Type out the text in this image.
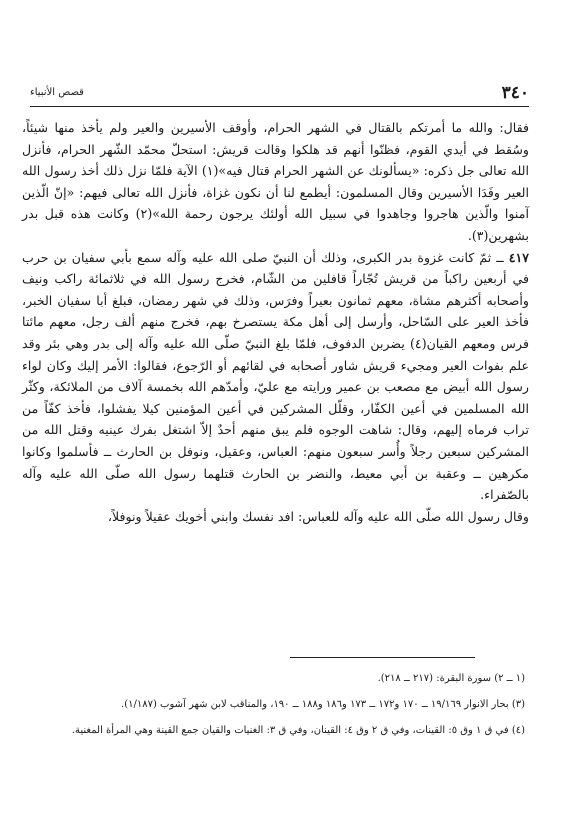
٣٤٠
قصص الأنبياء

فقال: والله ما أمرتكم بالقتال في الشهر الحرام، وأوقف الأسيرين والعير ولم يأخذ منها شيئاً، وسُقط في أيدي القوم، فظنّوا أنهم قد هلكوا وقالت قريش: استحلّ محمّد الشّهر الحرام، فأنزل الله تعالى جل ذكره: «يسألونك عن الشهر الحرام قتال فيه»(١) الآية فلمّا نزل ذلك أخذ رسول الله العير وفَدَا الأسيرين وقال المسلمون: أيطمع لنا أن نكون غزاة، فأنزل الله تعالى فيهم: «إنّ الّذين آمنوا والّذين هاجروا وجاهدوا في سبيل الله أولئك يرجون رحمة الله»(٢) وكانت هذه قبل بدر بشهرين(٣).

٤١٧ ــ ثمّ كانت غزوة بدر الكبرى، وذلك أن النبيّ صلى الله عليه وآله سمع بأبي سفيان بن حرب في أربعين راكباً من قريش تُجّاراً قافلين من الشّام، فخرج رسول الله في ثلاثمائة راكب ونيف وأصحابه أكثرهم مشاة، معهم ثمانون بعيراً وفرَس، وذلك في شهر رمضان، فبلغ أبا سفيان الخبر، فأخذ العير على السّاحل، وأرسل إلى أهل مكة يستصرخ بهم، فخرج منهم ألف رجل، معهم مائتا فرس ومعهم القيان(٤) يضربن الدفوف، فلمّا بلغ النبيّ صلّى الله عليه وآله إلى بدر وهي بئر وقد علم بفوات العير ومجيء قريش شاور أصحابه في لقائهم أو الرّجوع، فقالوا: الأمر إليك وكان لواء رسول الله أبيض مع مصعب بن عمير ورايته مع عليّ، وأمدّهم الله بخمسة آلاف من الملائكة، وكثّر الله المسلمين في أعين الكفّار، وقلّل المشركين في أعين المؤمنين كيلا يفشلوا، فأخذ كفّاً من تراب فرماه إليهم، وقال: شاهت الوجوه فلم يبق منهم أحدٌ إلاّ اشتغل بفرك عينيه وقتل الله من المشركين سبعين رجلاً وأُسر سبعون منهم: العباس، وعقيل، ونوفل بن الحارث ــ فأسلموا وكانوا مكرهين ــ وعقبة بن أبي معيط، والنضر بن الحارث قتلهما رسول الله صلّى الله عليه وآله بالصّفراء.

وقال رسول الله صلّى الله عليه وآله للعباس: افد نفسك وابني أخويك عقيلاً ونوفلاً،

(١ ــ ٢) سورة البقرة: (٢١٧ ــ ٢١٨).

(٣) بحار الانوار ١٩/١٦٩ ــ ١٧٠ و١٧٢ ــ ١٧٣ و١٨٦ و١٨٨ ــ ١٩٠، والمناقب لابن شهر آشوب (١/١٨٧).

(٤) في ق ١ وق ٥: القينات، وفي ق ٢ وق ٤: القينان، وفي ق ٣: الغنيات والقيان جمع القينة وهي المرأة المغنية.
